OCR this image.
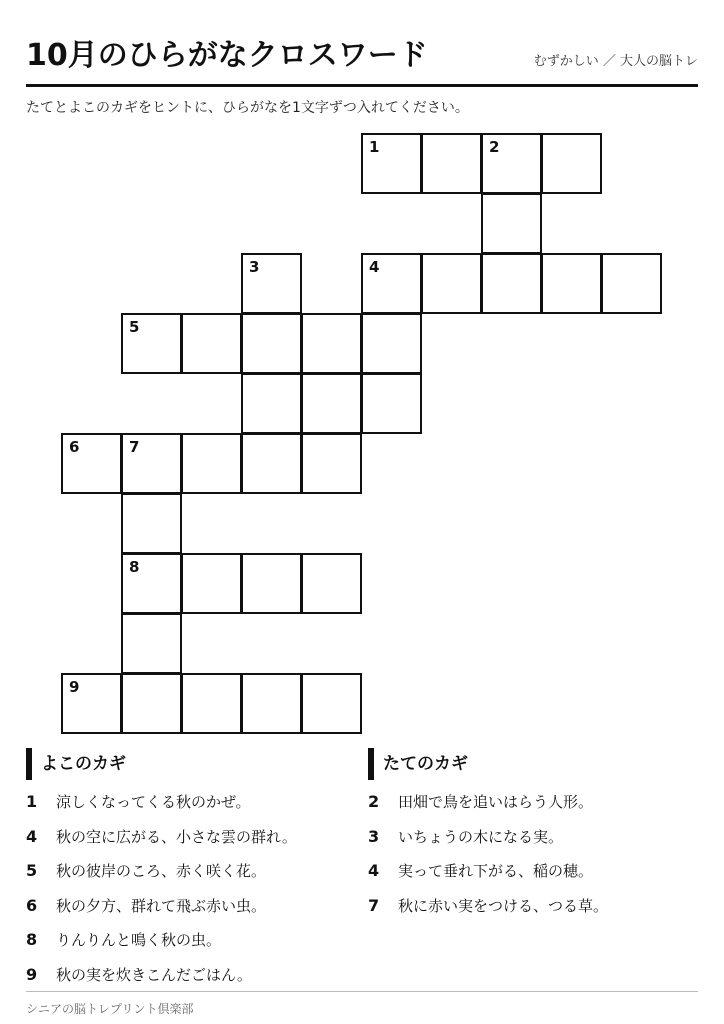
10月のひらがなクロスワード	むずかしい ／ 大人の脳トレ
たてとよこのカギをヒントに、ひらがなを1文字ずつ入れてください。
1	2
3	4
5
6	7
8
9
よこのカギ
1 涼しくなってくる秋のかぜ。
4 秋の空に広がる、小さな雲の群れ。
5 秋の彼岸のころ、赤く咲く花。
6 秋の夕方、群れて飛ぶ赤い虫。
8 りんりんと鳴く秋の虫。
9 秋の実を炊きこんだごはん。
たてのカギ
2 田畑で鳥を追いはらう人形。
3 いちょうの木になる実。
4 実って垂れ下がる、稲の穂。
7 秋に赤い実をつける、つる草。
シニアの脳トレプリント倶楽部
